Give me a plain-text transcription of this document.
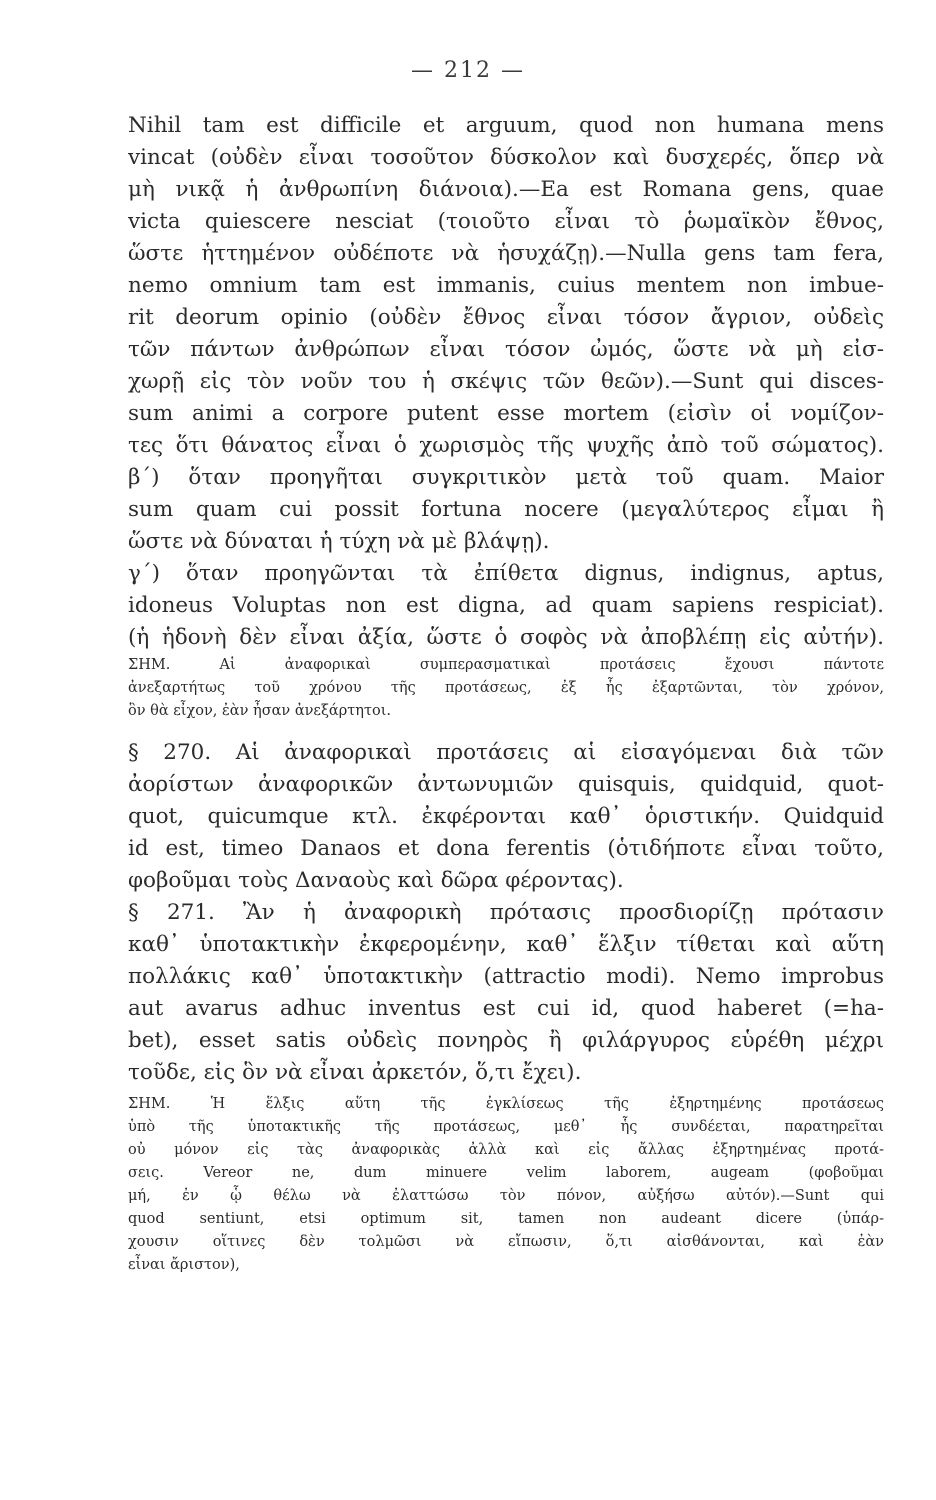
— 212 —
Nihil tam est difficile et arguum, quod non humana mens
vincat (οὐδὲν εἶναι τοσοῦτον δύσκολον καὶ δυσχερές, ὅπερ νὰ
μὴ νικᾷ ἡ ἀνθρωπίνη διάνοια).—Ea est Romana gens, quae
victa quiescere nesciat (τοιοῦτο εἶναι τὸ ῥωμαϊκὸν ἔθνος,
ὥστε ἡττημένον οὐδέποτε νὰ ἡσυχάζῃ).—Nulla gens tam fera,
nemo omnium tam est immanis, cuius mentem non imbue-
rit deorum opinio (οὐδὲν ἔθνος εἶναι τόσον ἄγριον, οὐδεὶς
τῶν πάντων ἀνθρώπων εἶναι τόσον ὠμός, ὥστε νὰ μὴ εἰσ-
χωρῇ εἰς τὸν νοῦν του ἡ σκέψις τῶν θεῶν).—Sunt qui disces-
sum animi a corpore putent esse mortem (εἰσὶν οἱ νομίζον-
τες ὅτι θάνατος εἶναι ὁ χωρισμὸς τῆς ψυχῆς ἀπὸ τοῦ σώματος).
β΄) ὅταν προηγῆται συγκριτικὸν μετὰ τοῦ quam. Maior
sum quam cui possit fortuna nocere (μεγαλύτερος εἶμαι ἢ
ὥστε νὰ δύναται ἡ τύχη νὰ μὲ βλάψῃ).
γ΄) ὅταν προηγῶνται τὰ ἐπίθετα dignus, indignus, aptus,
idoneus Voluptas non est digna, ad quam sapiens respiciat).
(ἡ ἡδονὴ δὲν εἶναι ἀξία, ὥστε ὁ σοφὸς νὰ ἀποβλέπῃ εἰς αὐτήν).
ΣΗΜ. Αἱ ἀναφορικαὶ συμπερασματικαὶ προτάσεις ἔχουσι πάντοτε
ἀνεξαρτήτως τοῦ χρόνου τῆς προτάσεως, ἐξ ἧς ἐξαρτῶνται, τὸν χρόνον,
ὃν θὰ εἶχον, ἐὰν ἦσαν ἀνεξάρτητοι.
§ 270. Αἱ ἀναφορικαὶ προτάσεις αἱ εἰσαγόμεναι διὰ τῶν
ἀορίστων ἀναφορικῶν ἀντωνυμιῶν quisquis, quidquid, quot-
quot, quicumque κτλ. ἐκφέρονται καθ᾿ ὁριστικήν. Quidquid
id est, timeo Danaos et dona ferentis (ὁτιδήποτε εἶναι τοῦτο,
φοβοῦμαι τοὺς Δαναοὺς καὶ δῶρα φέροντας).
§ 271. Ἂν ἡ ἀναφορικὴ πρότασις προσδιορίζῃ πρότασιν
καθ᾿ ὑποτακτικὴν ἐκφερομένην, καθ᾿ ἕλξιν τίθεται καὶ αὕτη
πολλάκις καθ᾿ ὑποτακτικὴν (attractio modi). Nemo improbus
aut avarus adhuc inventus est cui id, quod haberet (=ha-
bet), esset satis οὐδεὶς πονηρὸς ἢ φιλάργυρος εὑρέθη μέχρι
τοῦδε, εἰς ὃν νὰ εἶναι ἀρκετόν, ὅ,τι ἔχει).
ΣΗΜ. Ἡ ἕλξις αὕτη τῆς ἐγκλίσεως τῆς ἐξηρτημένης προτάσεως
ὑπὸ τῆς ὑποτακτικῆς τῆς προτάσεως, μεθ᾿ ἧς συνδέεται, παρατηρεῖται
οὐ μόνον εἰς τὰς ἀναφορικὰς ἀλλὰ καὶ εἰς ἄλλας ἐξηρτημένας προτά-
σεις. Vereor ne, dum minuere velim laborem, augeam (φοβοῦμαι
μή, ἐν ᾧ θέλω νὰ ἐλαττώσω τὸν πόνον, αὐξήσω αὐτόν).—Sunt qui
quod sentiunt, etsi optimum sit, tamen non audeant dicere (ὑπάρ-
χουσιν οἵτινες δὲν τολμῶσι νὰ εἴπωσιν, ὅ,τι αἰσθάνονται, καὶ ἐὰν
εἶναι ἄριστον),
